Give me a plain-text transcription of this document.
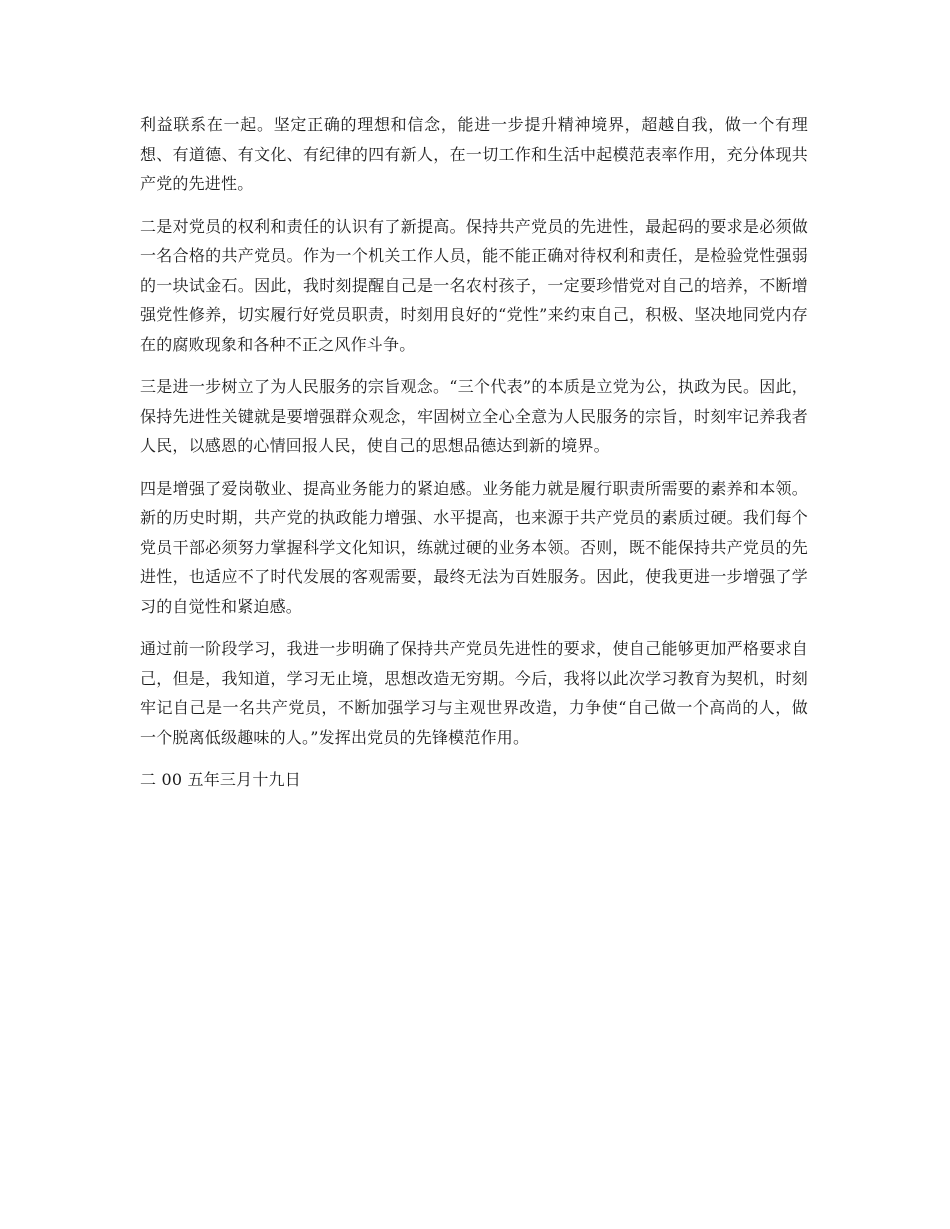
利益联系在一起。坚定正确的理想和信念，能进一步提升精神境界，超越自我，做一个有理想、有道德、有文化、有纪律的四有新人，在一切工作和生活中起模范表率作用，充分体现共产党的先进性。

二是对党员的权利和责任的认识有了新提高。保持共产党员的先进性，最起码的要求是必须做一名合格的共产党员。作为一个机关工作人员，能不能正确对待权利和责任，是检验党性强弱的一块试金石。因此，我时刻提醒自己是一名农村孩子，一定要珍惜党对自己的培养，不断增强党性修养，切实履行好党员职责，时刻用良好的“党性”来约束自己，积极、坚决地同党内存在的腐败现象和各种不正之风作斗争。

三是进一步树立了为人民服务的宗旨观念。“三个代表”的本质是立党为公，执政为民。因此，保持先进性关键就是要增强群众观念，牢固树立全心全意为人民服务的宗旨，时刻牢记养我者人民，以感恩的心情回报人民，使自己的思想品德达到新的境界。

四是增强了爱岗敬业、提高业务能力的紧迫感。业务能力就是履行职责所需要的素养和本领。新的历史时期，共产党的执政能力增强、水平提高，也来源于共产党员的素质过硬。我们每个党员干部必须努力掌握科学文化知识，练就过硬的业务本领。否则，既不能保持共产党员的先进性，也适应不了时代发展的客观需要，最终无法为百姓服务。因此，使我更进一步增强了学习的自觉性和紧迫感。

通过前一阶段学习，我进一步明确了保持共产党员先进性的要求，使自己能够更加严格要求自己，但是，我知道，学习无止境，思想改造无穷期。今后，我将以此次学习教育为契机，时刻牢记自己是一名共产党员，不断加强学习与主观世界改造，力争使“自己做一个高尚的人，做一个脱离低级趣味的人。”发挥出党员的先锋模范作用。

二 00 五年三月十九日
